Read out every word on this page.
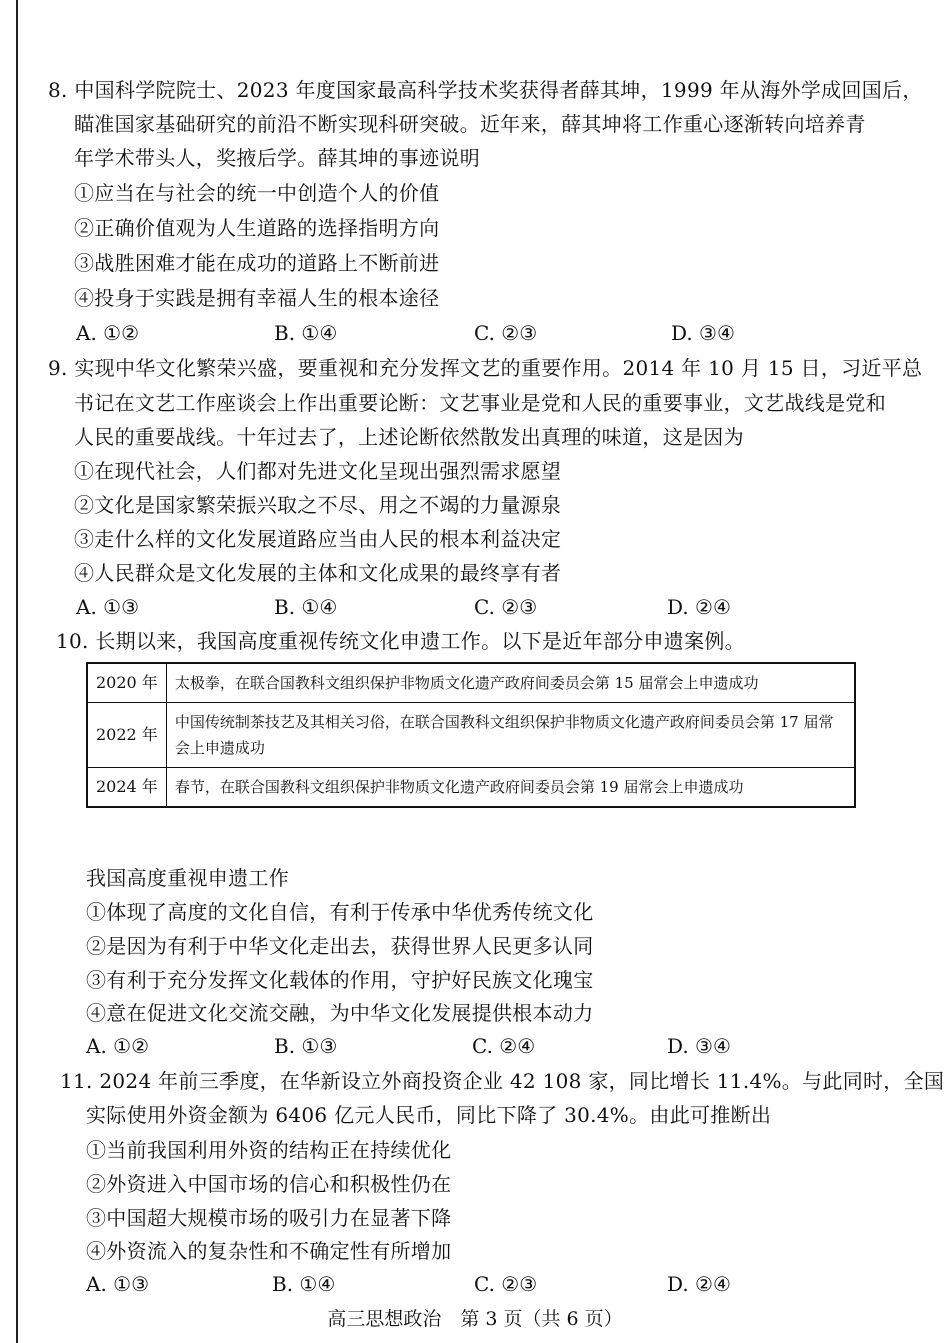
8. 中国科学院院士、2023 年度国家最高科学技术奖获得者薛其坤，1999 年从海外学成回国后，
瞄准国家基础研究的前沿不断实现科研突破。近年来，薛其坤将工作重心逐渐转向培养青
年学术带头人，奖掖后学。薛其坤的事迹说明
①应当在与社会的统一中创造个人的价值
②正确价值观为人生道路的选择指明方向
③战胜困难才能在成功的道路上不断前进
④投身于实践是拥有幸福人生的根本途径
A. ①②	B. ①④	C. ②③	D. ③④
9. 实现中华文化繁荣兴盛，要重视和充分发挥文艺的重要作用。2014 年 10 月 15 日，习近平总
书记在文艺工作座谈会上作出重要论断：文艺事业是党和人民的重要事业，文艺战线是党和
人民的重要战线。十年过去了，上述论断依然散发出真理的味道，这是因为
①在现代社会，人们都对先进文化呈现出强烈需求愿望
②文化是国家繁荣振兴取之不尽、用之不竭的力量源泉
③走什么样的文化发展道路应当由人民的根本利益决定
④人民群众是文化发展的主体和文化成果的最终享有者
A. ①③	B. ①④	C. ②③	D. ②④
10. 长期以来，我国高度重视传统文化申遗工作。以下是近年部分申遗案例。
2020 年	太极拳，在联合国教科文组织保护非物质文化遗产政府间委员会第 15 届常会上申遗成功
2022 年	中国传统制茶技艺及其相关习俗，在联合国教科文组织保护非物质文化遗产政府间委员会第 17 届常会上申遗成功
2024 年	春节，在联合国教科文组织保护非物质文化遗产政府间委员会第 19 届常会上申遗成功
我国高度重视申遗工作
①体现了高度的文化自信，有利于传承中华优秀传统文化
②是因为有利于中华文化走出去，获得世界人民更多认同
③有利于充分发挥文化载体的作用，守护好民族文化瑰宝
④意在促进文化交流交融，为中华文化发展提供根本动力
A. ①②	B. ①③	C. ②④	D. ③④
11. 2024 年前三季度，在华新设立外商投资企业 42 108 家，同比增长 11.4%。与此同时，全国
实际使用外资金额为 6406 亿元人民币，同比下降了 30.4%。由此可推断出
①当前我国利用外资的结构正在持续优化
②外资进入中国市场的信心和积极性仍在
③中国超大规模市场的吸引力在显著下降
④外资流入的复杂性和不确定性有所增加
A. ①③	B. ①④	C. ②③	D. ②④
高三思想政治　第 3 页（共 6 页）
